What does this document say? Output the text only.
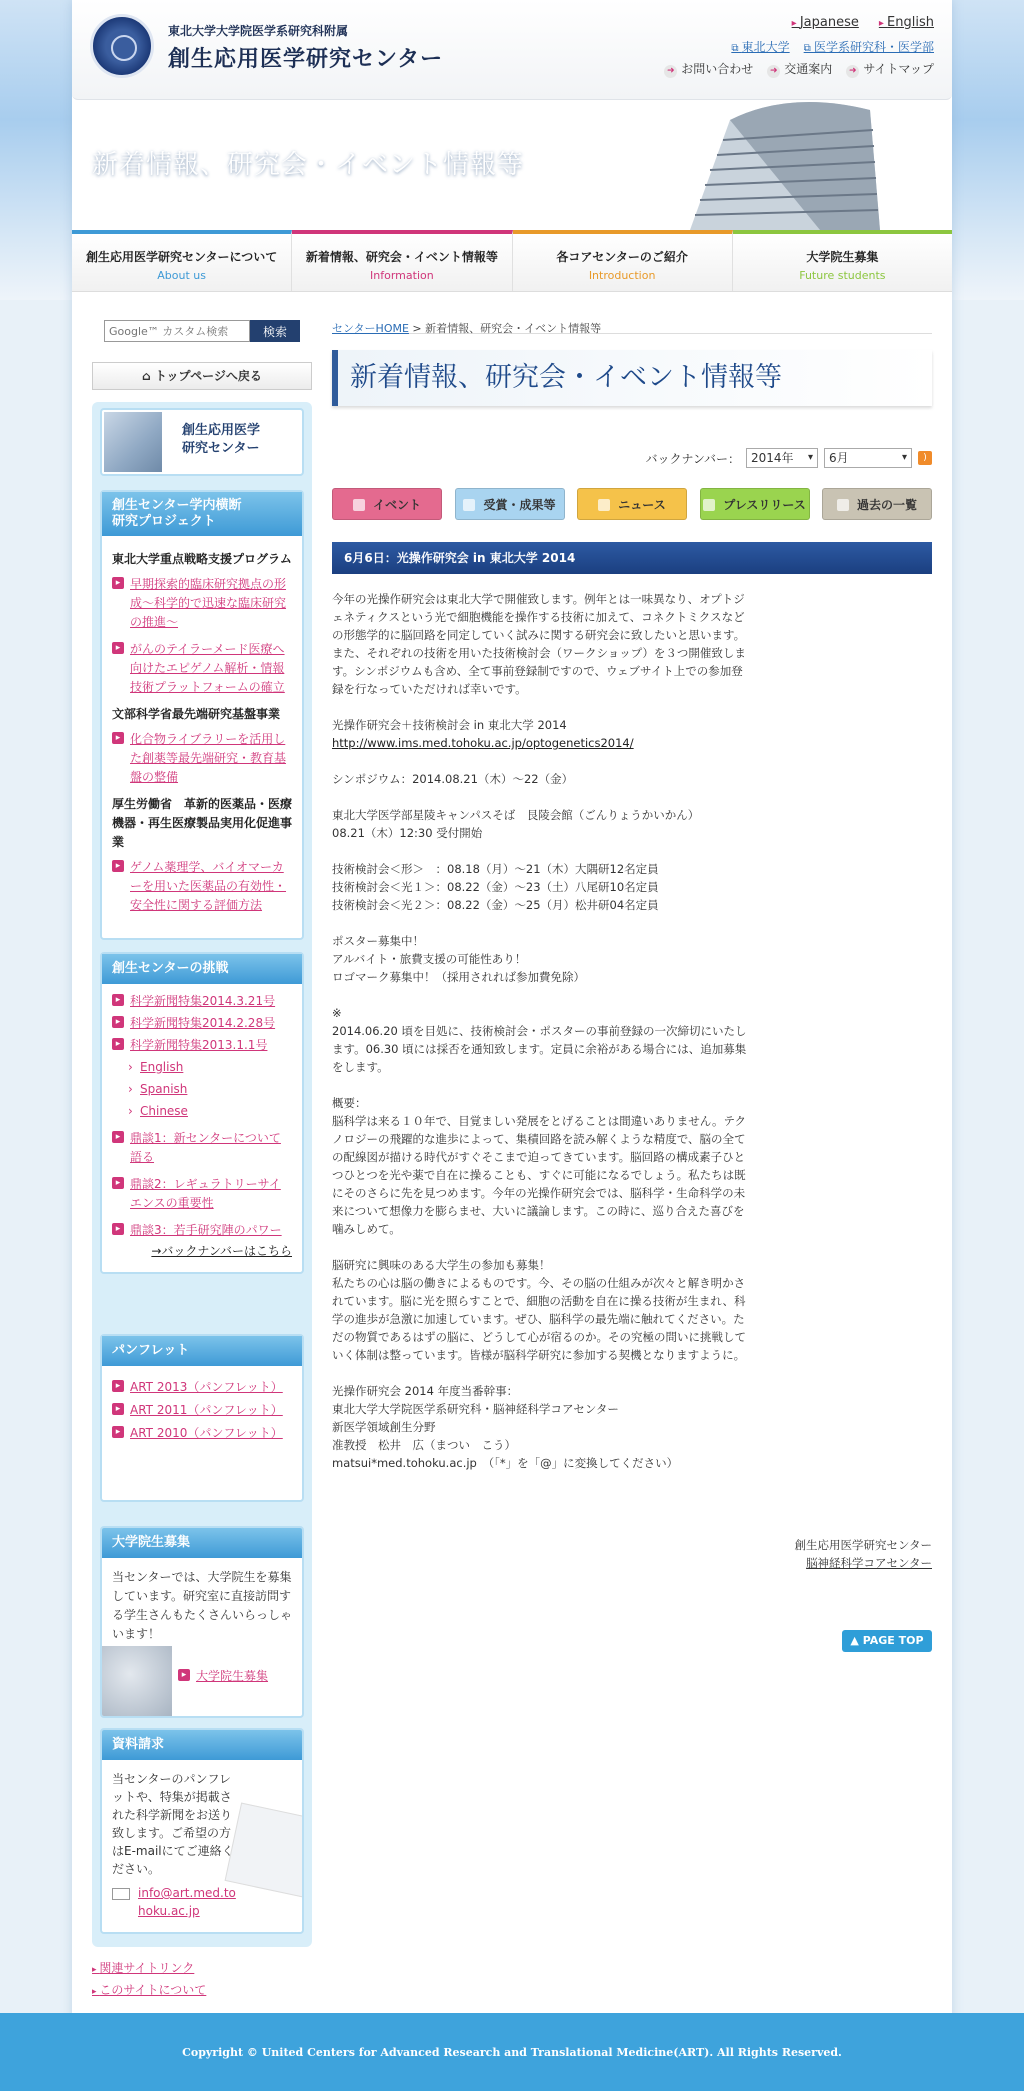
東北大学大学院医学系研究科附属
創生応用医学研究センター
▸ Japanese	▸ English
⧉ 東北大学	⧉ 医学系研究科・医学部
➜ お問い合わせ	➜ 交通案内	➜ サイトマップ
新着情報、研究会・イベント情報等
創生応用医学研究センターについて
About us
新着情報、研究会・イベント情報等
Information
各コアセンターのご紹介
Introduction
大学院生募集
Future students
Google™ カスタム検索
検索
⌂ トップページへ戻る
創生応用医学
研究センター
創生センター学内横断
研究プロジェクト
東北大学重点戦略支援プログラム
▸ 早期探索的臨床研究拠点の形成～科学的で迅速な臨床研究の推進～
▸ がんのテイラーメード医療へ向けたエピゲノム解析・情報技術プラットフォームの確立
文部科学省最先端研究基盤事業
▸ 化合物ライブラリーを活用した創薬等最先端研究・教育基盤の整備
厚生労働省　革新的医薬品・医療機器・再生医療製品実用化促進事業
▸ ゲノム薬理学、バイオマーカーを用いた医薬品の有効性・安全性に関する評価方法
創生センターの挑戦
▸ 科学新聞特集2014.3.21号
▸ 科学新聞特集2014.2.28号
▸ 科学新聞特集2013.1.1号
› English
› Spanish
› Chinese
▸ 鼎談1：新センターについて語る
▸ 鼎談2：レギュラトリーサイエンスの重要性
▸ 鼎談3：若手研究陣のパワー
→バックナンバーはこちら
パンフレット
▸ ART 2013（パンフレット）
▸ ART 2011（パンフレット）
▸ ART 2010（パンフレット）
大学院生募集
当センターでは、大学院生を募集しています。研究室に直接訪問する学生さんもたくさんいらっしゃいます！
▸ 大学院生募集
資料請求
当センターのパンフレットや、特集が掲載された科学新聞をお送り致します。ご希望の方はE-mailにてご連絡ください。
info@art.med.tohoku.ac.jp
▸ 関連サイトリンク
▸ このサイトについて
センターHOME > 新着情報、研究会・イベント情報等
新着情報、研究会・イベント情報等
バックナンバー： 2014年 ▾	6月 ▾	)
イベント	受賞・成果等	ニュース	プレスリリース	過去の一覧
6月6日：光操作研究会 in 東北大学 2014

今年の光操作研究会は東北大学で開催致します。例年とは一味異なり、オプトジェネティクスという光で細胞機能を操作する技術に加えて、コネクトミクスなどの形態学的に脳回路を同定していく試みに関する研究会に致したいと思います。また、それぞれの技術を用いた技術検討会（ワークショップ）を３つ開催致します。シンポジウムも含め、全て事前登録制ですので、ウェブサイト上での参加登録を行なっていただければ幸いです。

光操作研究会＋技術検討会 in 東北大学 2014
http://www.ims.med.tohoku.ac.jp/optogenetics2014/

シンポジウム：2014.08.21（木）～22（金）

東北大学医学部星陵キャンパスそば　艮陵会館（ごんりょうかいかん）
08.21（木）12:30 受付開始

技術検討会＜形＞　：08.18（月）～21（木）大隅研12名定員
技術検討会＜光１＞：08.22（金）～23（土）八尾研10名定員
技術検討会＜光２＞：08.22（金）～25（月）松井研04名定員

ポスター募集中！
アルバイト・旅費支援の可能性あり！
ロゴマーク募集中！（採用されれば参加費免除）

※
2014.06.20 頃を目処に、技術検討会・ポスターの事前登録の一次締切にいたします。06.30 頃には採否を通知致します。定員に余裕がある場合には、追加募集をします。

概要：
脳科学は来る１０年で、目覚ましい発展をとげることは間違いありません。テクノロジーの飛躍的な進歩によって、集積回路を読み解くような精度で、脳の全ての配線図が描ける時代がすぐそこまで迫ってきています。脳回路の構成素子ひとつひとつを光や薬で自在に操ることも、すぐに可能になるでしょう。私たちは既にそのさらに先を見つめます。今年の光操作研究会では、脳科学・生命科学の未来について想像力を膨らませ、大いに議論します。この時に、巡り合えた喜びを噛みしめて。

脳研究に興味のある大学生の参加も募集！
私たちの心は脳の働きによるものです。今、その脳の仕組みが次々と解き明かされています。脳に光を照らすことで、細胞の活動を自在に操る技術が生まれ、科学の進歩が急激に加速しています。ぜひ、脳科学の最先端に触れてください。ただの物質であるはずの脳に、どうして心が宿るのか。その究極の問いに挑戦していく体制は整っています。皆様が脳科学研究に参加する契機となりますように。

光操作研究会 2014 年度当番幹事：
東北大学大学院医学系研究科・脳神経科学コアセンター
新医学領域創生分野
准教授　松井　広（まつい　こう）
matsui*med.tohoku.ac.jp　（「*」を「@」に変換してください）

創生応用医学研究センター
脳神経科学コアセンター
▲ PAGE TOP
Copyright © United Centers for Advanced Research and Translational Medicine(ART). All Rights Reserved.
